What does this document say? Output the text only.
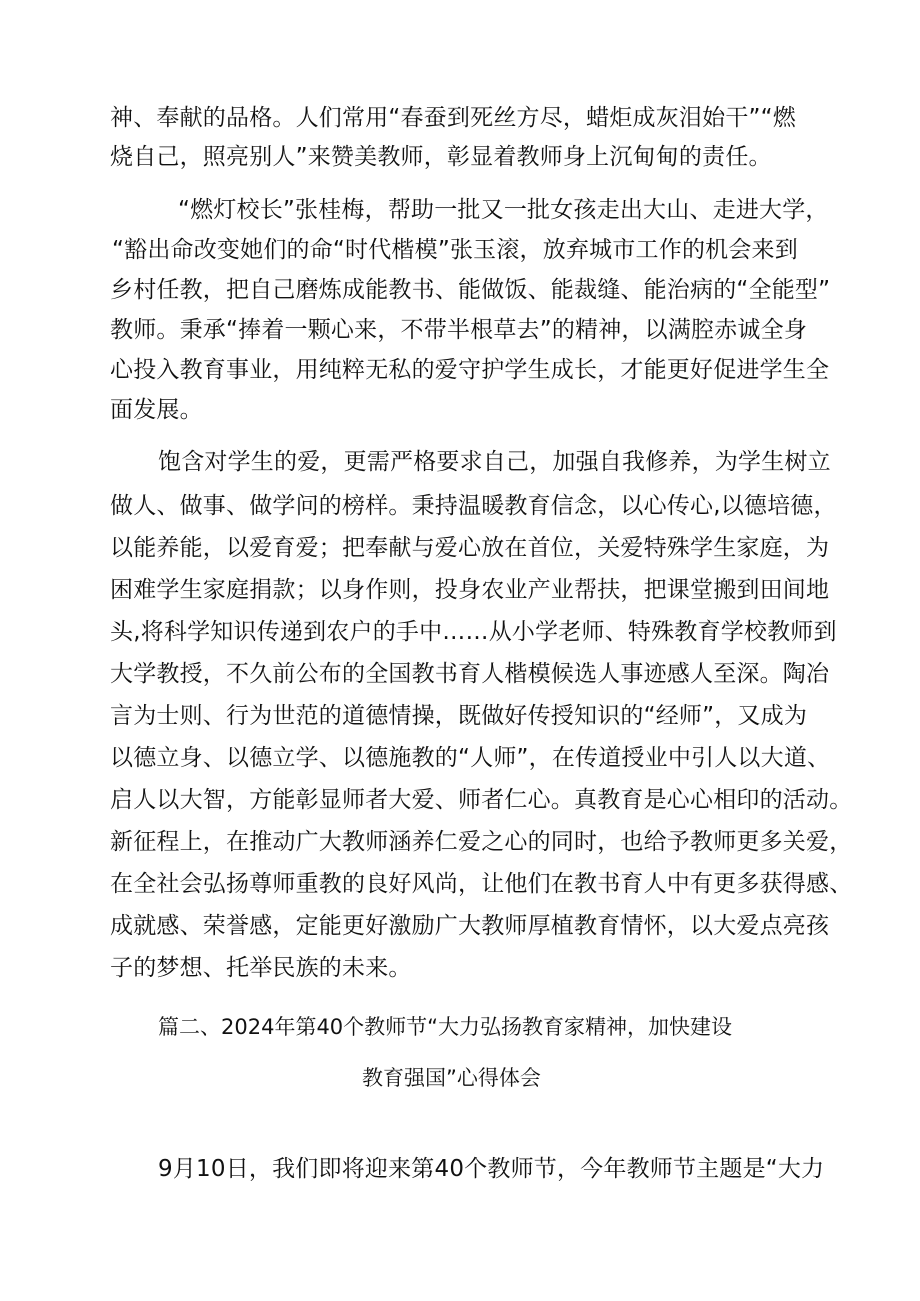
神、奉献的品格。人们常用“春蚕到死丝方尽，蜡炬成灰泪始干”“燃
烧自己，照亮别人”来赞美教师，彰显着教师身上沉甸甸的责任。
“燃灯校长”张桂梅，帮助一批又一批女孩走出大山、走进大学，
“豁出命改变她们的命“时代楷模”张玉滚，放弃城市工作的机会来到
乡村任教，把自己磨炼成能教书、能做饭、能裁缝、能治病的“全能型”
教师。秉承“捧着一颗心来，不带半根草去”的精神，以满腔赤诚全身
心投入教育事业，用纯粹无私的爱守护学生成长，才能更好促进学生全
面发展。
饱含对学生的爱，更需严格要求自己，加强自我修养，为学生树立
做人、做事、做学问的榜样。秉持温暖教育信念，以心传心,以德培德，
以能养能，以爱育爱；把奉献与爱心放在首位，关爱特殊学生家庭，为
困难学生家庭捐款；以身作则，投身农业产业帮扶，把课堂搬到田间地
头,将科学知识传递到农户的手中……从小学老师、特殊教育学校教师到
大学教授，不久前公布的全国教书育人楷模候选人事迹感人至深。陶冶
言为士则、行为世范的道德情操，既做好传授知识的“经师”，又成为
以德立身、以德立学、以德施教的“人师”，在传道授业中引人以大道、
启人以大智，方能彰显师者大爱、师者仁心。真教育是心心相印的活动。
新征程上，在推动广大教师涵养仁爱之心的同时，也给予教师更多关爱，
在全社会弘扬尊师重教的良好风尚，让他们在教书育人中有更多获得感、
成就感、荣誉感，定能更好激励广大教师厚植教育情怀，以大爱点亮孩
子的梦想、托举民族的未来。
篇二、2024年第40个教师节“大力弘扬教育家精神，加快建设
教育强国”心得体会
9月10日，我们即将迎来第40个教师节，今年教师节主题是“大力
